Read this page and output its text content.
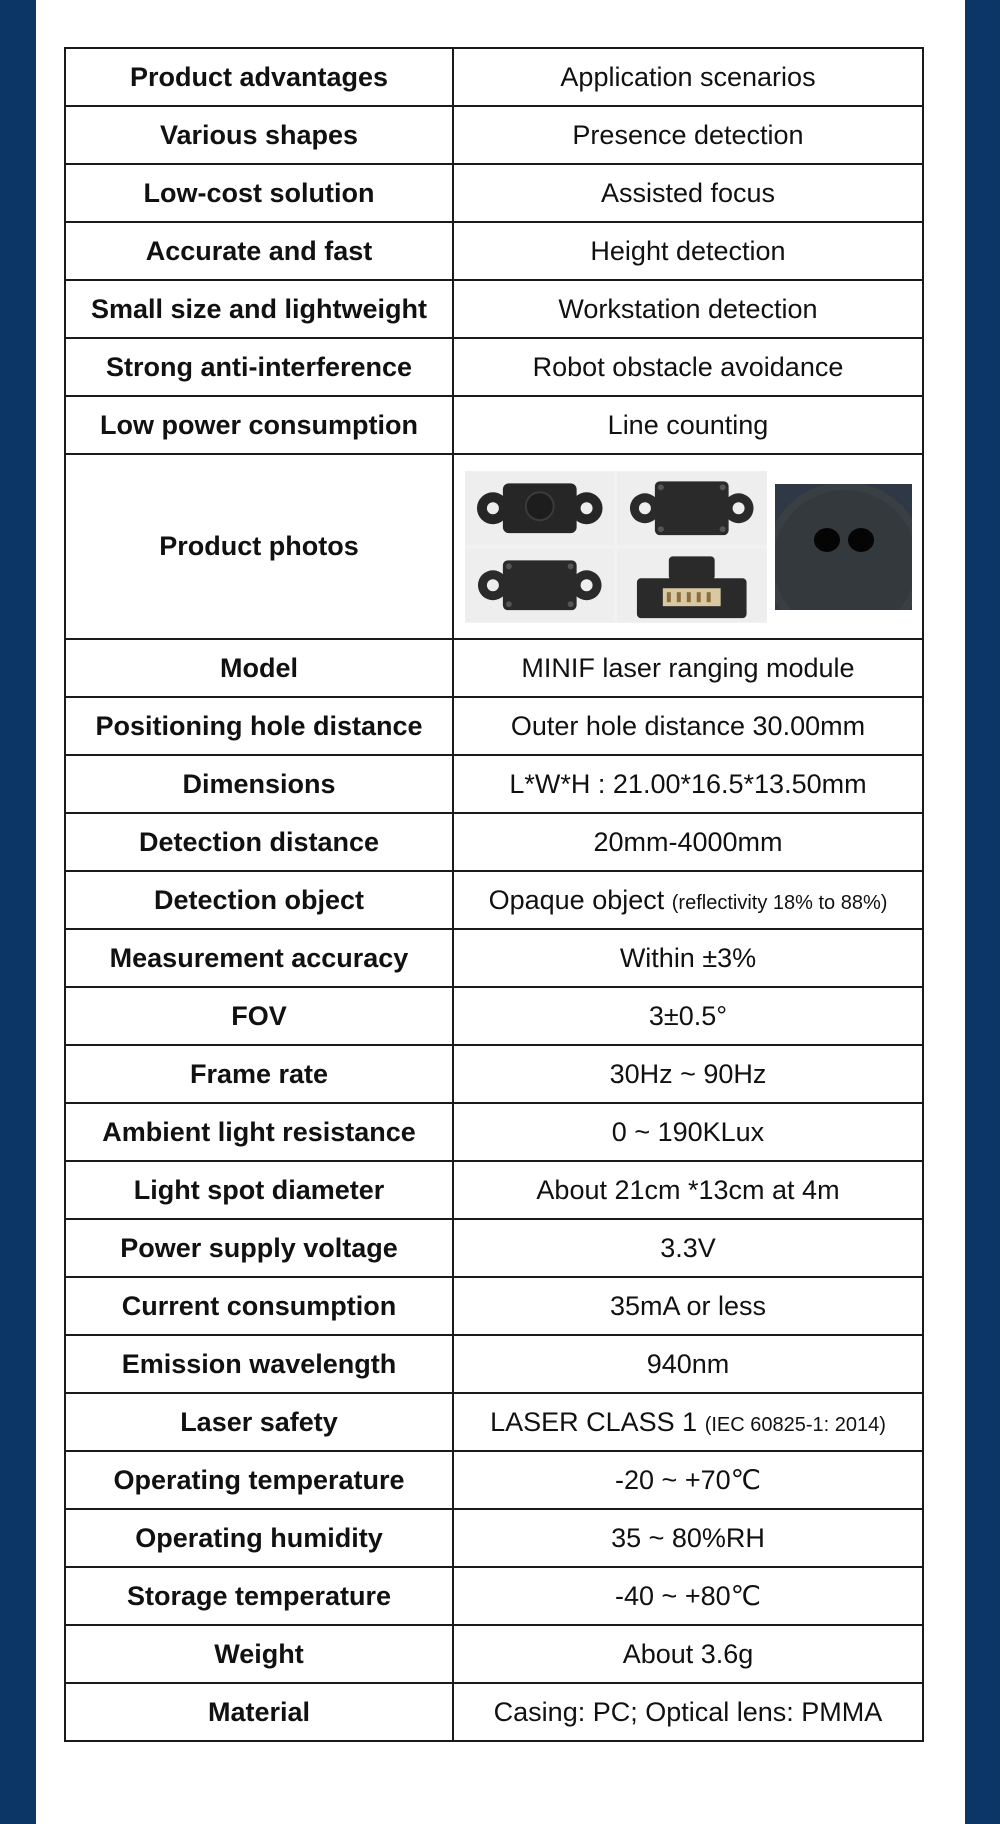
Product advantages	Application scenarios
Various shapes	Presence detection
Low-cost solution	Assisted focus
Accurate and fast	Height detection
Small size and lightweight	Workstation detection
Strong anti-interference	Robot obstacle avoidance
Low power consumption	Line counting
Product photos	

Model	MINIF laser ranging module
Positioning hole distance	Outer hole distance 30.00mm
Dimensions	L*W*H : 21.00*16.5*13.50mm
Detection distance	20mm-4000mm
Detection object	Opaque object (reflectivity 18% to 88%)
Measurement accuracy	Within ±3%
FOV	3±0.5°
Frame rate	30Hz ~ 90Hz
Ambient light resistance	0 ~ 190KLux
Light spot diameter	About 21cm *13cm at 4m
Power supply voltage	3.3V
Current consumption	35mA or less
Emission wavelength	940nm
Laser safety	LASER CLASS 1 (IEC 60825-1: 2014)
Operating temperature	-20 ~ +70℃
Operating humidity	35 ~ 80%RH
Storage temperature	-40 ~ +80℃
Weight	About 3.6g
Material	Casing: PC; Optical lens: PMMA
